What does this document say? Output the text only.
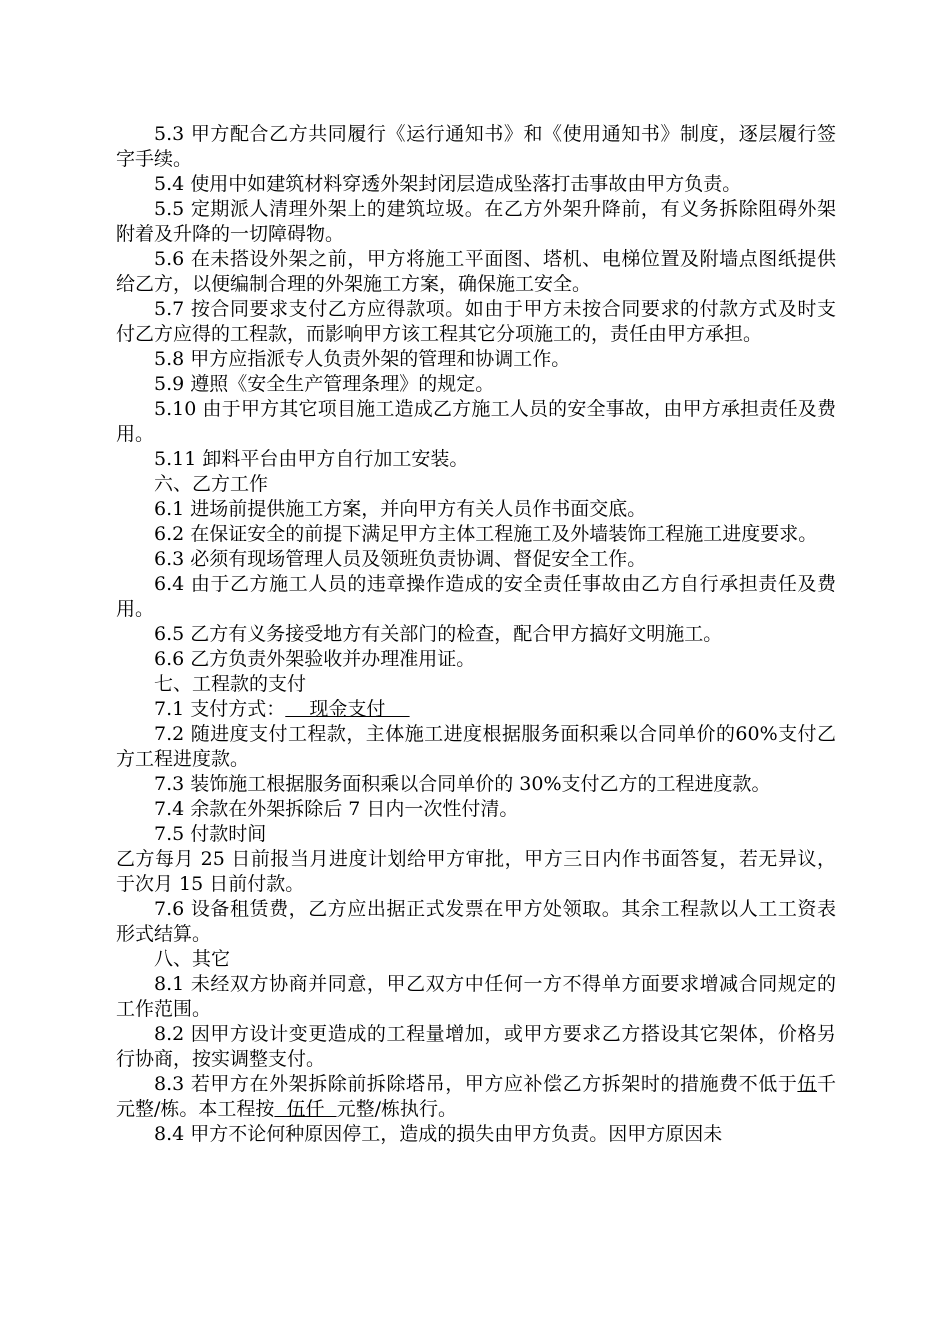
5.3 甲方配合乙方共同履行《运行通知书》和《使用通知书》制度，逐层履行签字手续。

5.4 使用中如建筑材料穿透外架封闭层造成坠落打击事故由甲方负责。

5.5 定期派人清理外架上的建筑垃圾。在乙方外架升降前，有义务拆除阻碍外架附着及升降的一切障碍物。

5.6 在未搭设外架之前，甲方将施工平面图、塔机、电梯位置及附墙点图纸提供给乙方，以便编制合理的外架施工方案，确保施工安全。

5.7 按合同要求支付乙方应得款项。如由于甲方未按合同要求的付款方式及时支付乙方应得的工程款，而影响甲方该工程其它分项施工的，责任由甲方承担。

5.8 甲方应指派专人负责外架的管理和协调工作。

5.9 遵照《安全生产管理条理》的规定。

5.10 由于甲方其它项目施工造成乙方施工人员的安全事故，由甲方承担责任及费用。

5.11 卸料平台由甲方自行加工安装。

六、乙方工作

6.1 进场前提供施工方案，并向甲方有关人员作书面交底。

6.2 在保证安全的前提下满足甲方主体工程施工及外墙装饰工程施工进度要求。

6.3 必须有现场管理人员及领班负责协调、督促安全工作。

6.4 由于乙方施工人员的违章操作造成的安全责任事故由乙方自行承担责任及费用。

6.5 乙方有义务接受地方有关部门的检查，配合甲方搞好文明施工。

6.6 乙方负责外架验收并办理准用证。

七、工程款的支付

7.1 支付方式：    现金支付

7.2 随进度支付工程款，主体施工进度根据服务面积乘以合同单价的60%支付乙方工程进度款。

7.3 装饰施工根据服务面积乘以合同单价的 30%支付乙方的工程进度款。

7.4 余款在外架拆除后 7 日内一次性付清。

7.5 付款时间

乙方每月 25 日前报当月进度计划给甲方审批，甲方三日内作书面答复，若无异议，于次月 15 日前付款。

7.6 设备租赁费，乙方应出据正式发票在甲方处领取。其余工程款以人工工资表形式结算。

八、其它

8.1 未经双方协商并同意，甲乙双方中任何一方不得单方面要求增减合同规定的工作范围。

8.2 因甲方设计变更造成的工程量增加，或甲方要求乙方搭设其它架体，价格另行协商，按实调整支付。

8.3 若甲方在外架拆除前拆除塔吊，甲方应补偿乙方拆架时的措施费不低于伍千元整/栋。本工程按  伍仟  元整/栋执行。

8.4 甲方不论何种原因停工，造成的损失由甲方负责。因甲方原因未
